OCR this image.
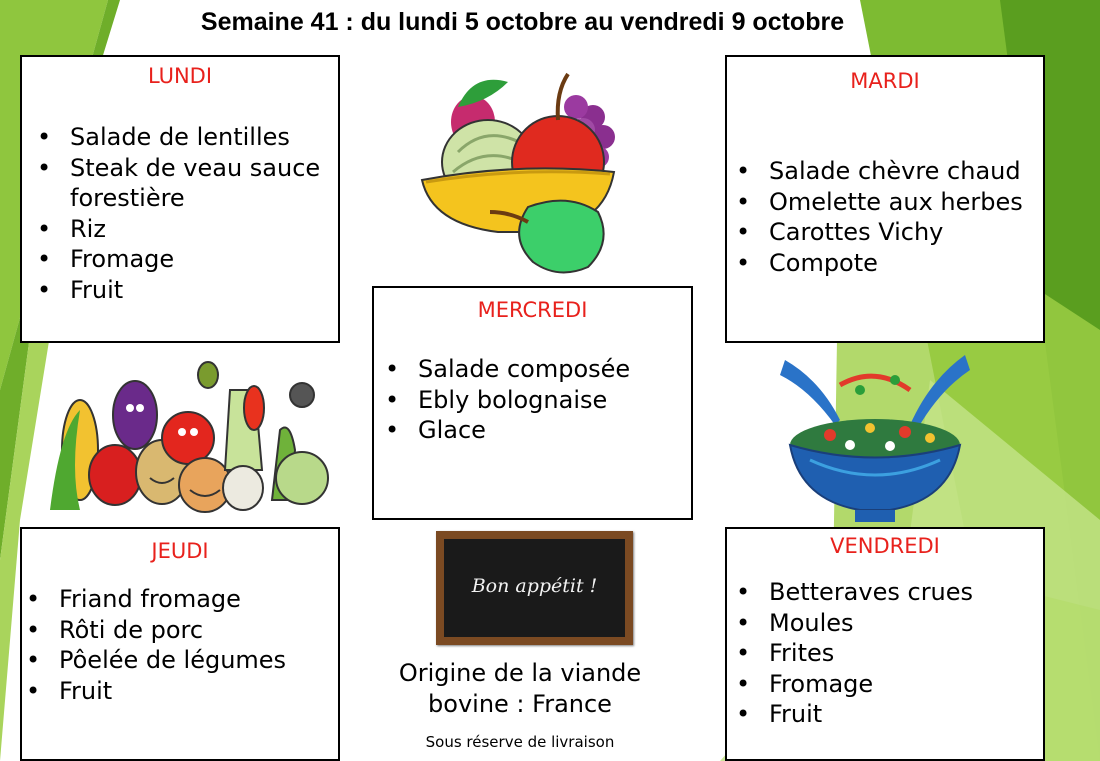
Semaine 41 : du lundi 5 octobre au vendredi 9 octobre
LUNDI
• Salade de lentilles
• Steak de veau sauce forestière
• Riz
• Fromage
• Fruit
MARDI
• Salade chèvre chaud
• Omelette aux herbes
• Carottes Vichy
• Compote
MERCREDI
• Salade composée
• Ebly bolognaise
• Glace
JEUDI
• Friand fromage
• Rôti de porc
• Pôelée de légumes
• Fruit
VENDREDI
• Betteraves crues
• Moules
• Frites
• Fromage
• Fruit
Bon appétit !
Origine de la viande bovine : France
Sous réserve de livraison
